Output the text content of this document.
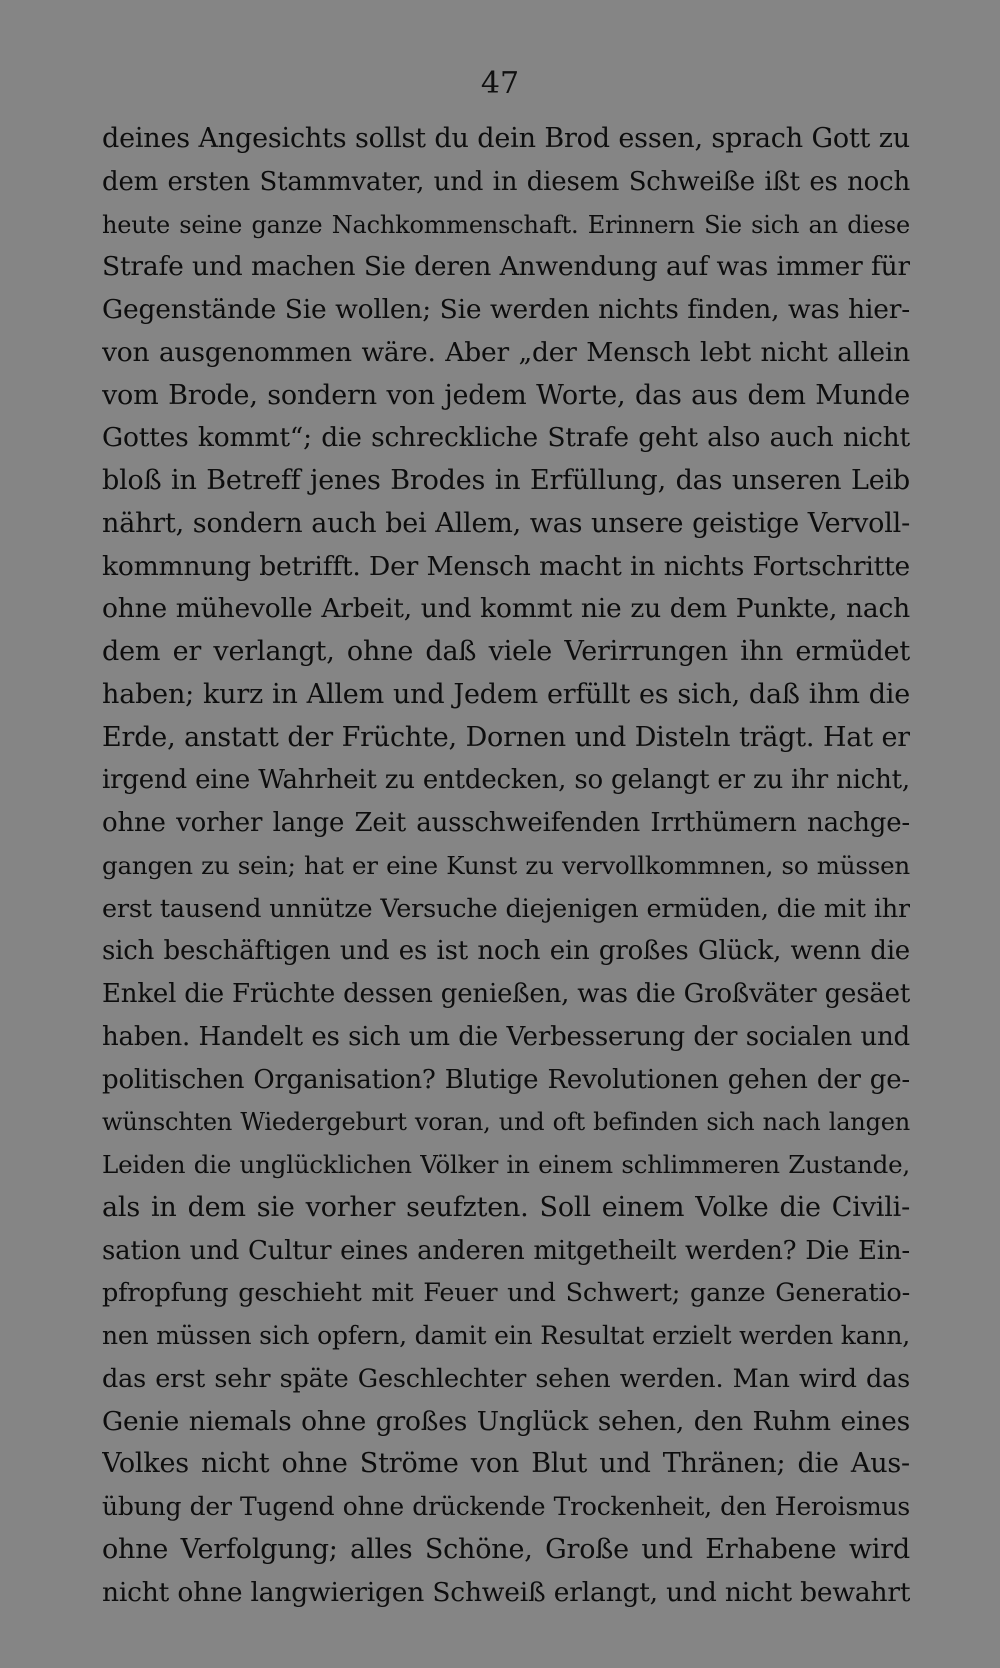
47
deines Angesichts sollst du dein Brod essen, sprach Gott zu
dem ersten Stammvater, und in diesem Schweiße ißt es noch
heute seine ganze Nachkommenschaft. Erinnern Sie sich an diese
Strafe und machen Sie deren Anwendung auf was immer für
Gegenstände Sie wollen; Sie werden nichts finden, was hier-
von ausgenommen wäre. Aber „der Mensch lebt nicht allein
vom Brode, sondern von jedem Worte, das aus dem Munde
Gottes kommt“; die schreckliche Strafe geht also auch nicht
bloß in Betreff jenes Brodes in Erfüllung, das unseren Leib
nährt, sondern auch bei Allem, was unsere geistige Vervoll-
kommnung betrifft. Der Mensch macht in nichts Fortschritte
ohne mühevolle Arbeit, und kommt nie zu dem Punkte, nach
dem er verlangt, ohne daß viele Verirrungen ihn ermüdet
haben; kurz in Allem und Jedem erfüllt es sich, daß ihm die
Erde, anstatt der Früchte, Dornen und Disteln trägt. Hat er
irgend eine Wahrheit zu entdecken, so gelangt er zu ihr nicht,
ohne vorher lange Zeit ausschweifenden Irrthümern nachge-
gangen zu sein; hat er eine Kunst zu vervollkommnen, so müssen
erst tausend unnütze Versuche diejenigen ermüden, die mit ihr
sich beschäftigen und es ist noch ein großes Glück, wenn die
Enkel die Früchte dessen genießen, was die Großväter gesäet
haben. Handelt es sich um die Verbesserung der socialen und
politischen Organisation? Blutige Revolutionen gehen der ge-
wünschten Wiedergeburt voran, und oft befinden sich nach langen
Leiden die unglücklichen Völker in einem schlimmeren Zustande,
als in dem sie vorher seufzten. Soll einem Volke die Civili-
sation und Cultur eines anderen mitgetheilt werden? Die Ein-
pfropfung geschieht mit Feuer und Schwert; ganze Generatio-
nen müssen sich opfern, damit ein Resultat erzielt werden kann,
das erst sehr späte Geschlechter sehen werden. Man wird das
Genie niemals ohne großes Unglück sehen, den Ruhm eines
Volkes nicht ohne Ströme von Blut und Thränen; die Aus-
übung der Tugend ohne drückende Trockenheit, den Heroismus
ohne Verfolgung; alles Schöne, Große und Erhabene wird
nicht ohne langwierigen Schweiß erlangt, und nicht bewahrt
